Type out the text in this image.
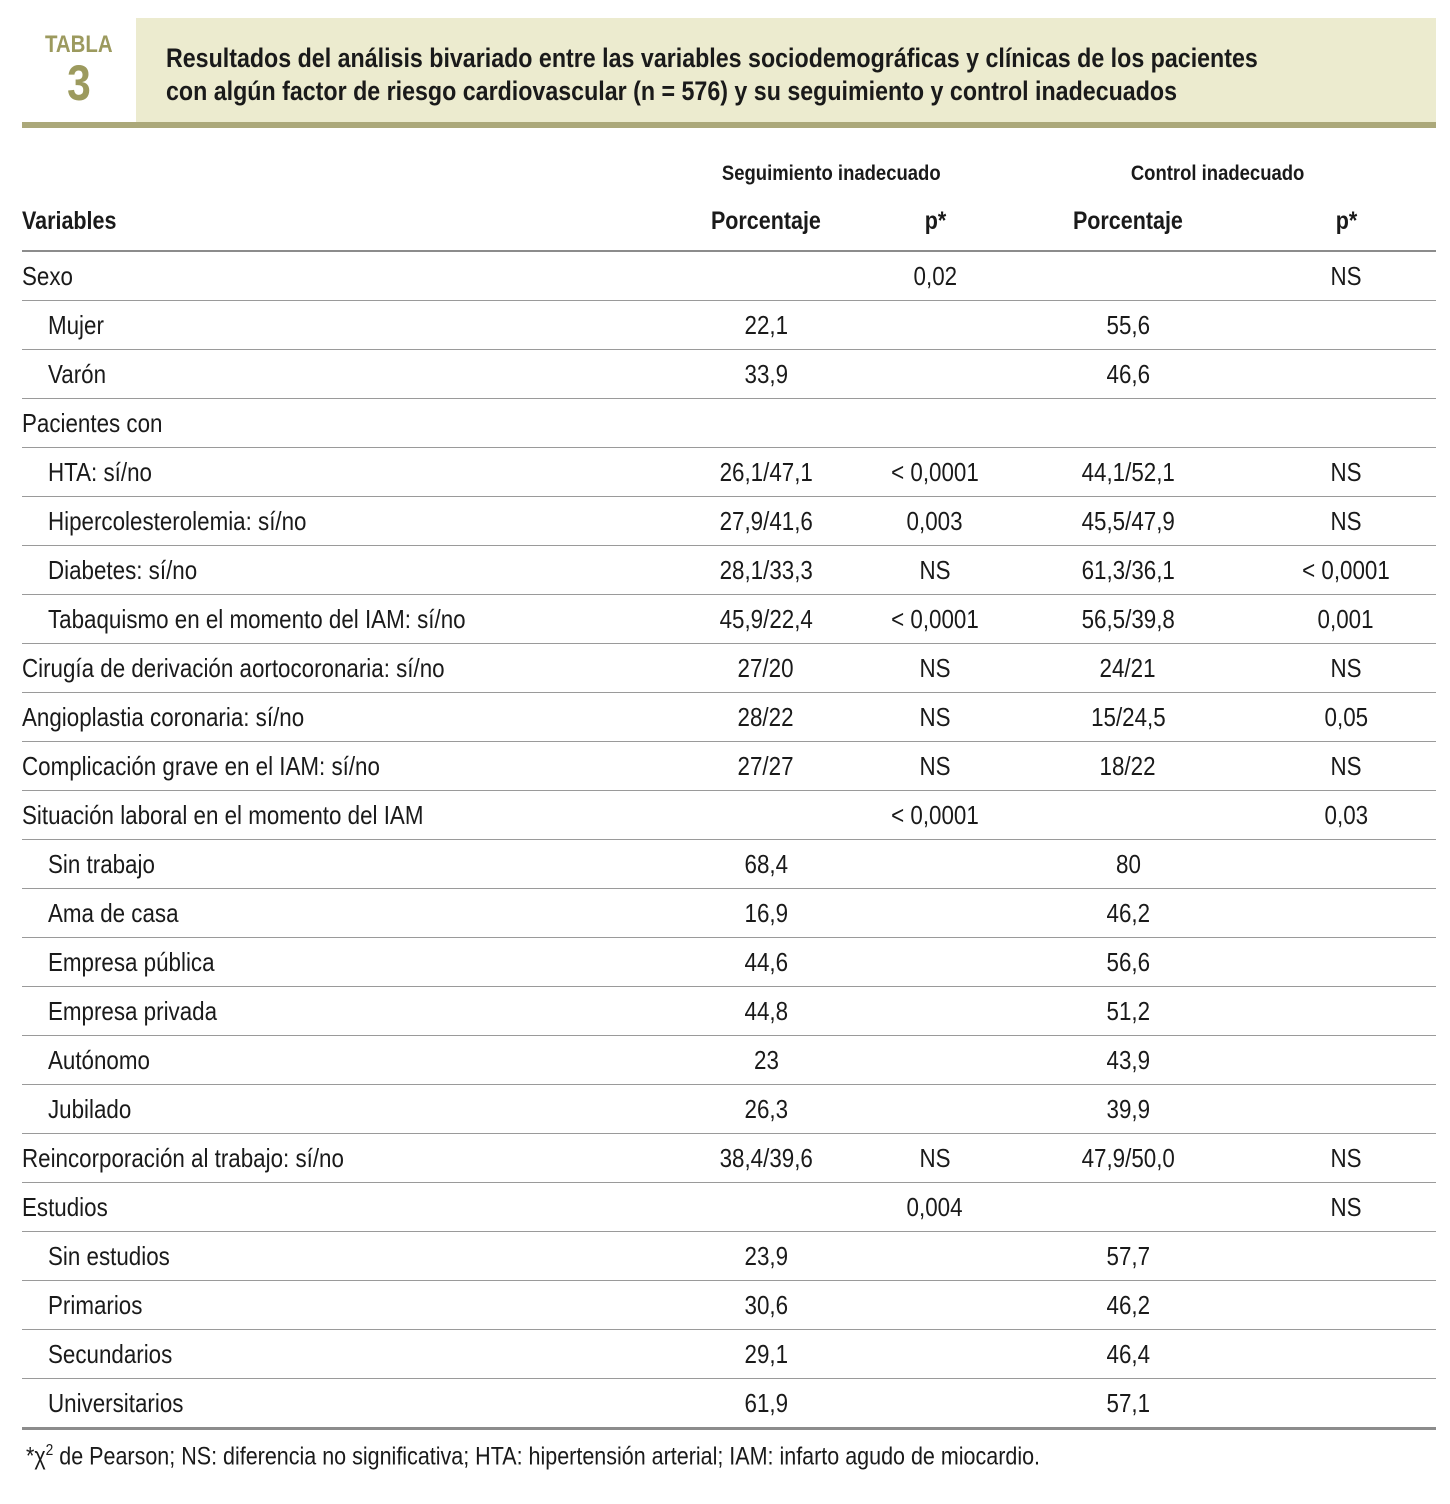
TABLA
3	Resultados del análisis bivariado entre las variables sociodemográficas y clínicas de los pacientes
con algún factor de riesgo cardiovascular (n = 576) y su seguimiento y control inadecuados
	Seguimiento inadecuado		Control inadecuado	
Variables	Porcentaje	p*	Porcentaje	p*
Sexo		0,02		NS
Mujer	22,1		55,6	
Varón	33,9		46,6	
Pacientes con				
HTA: sí/no	26,1/47,1	< 0,0001	44,1/52,1	NS
Hipercolesterolemia: sí/no	27,9/41,6	0,003	45,5/47,9	NS
Diabetes: sí/no	28,1/33,3	NS	61,3/36,1	< 0,0001
Tabaquismo en el momento del IAM: sí/no	45,9/22,4	< 0,0001	56,5/39,8	0,001
Cirugía de derivación aortocoronaria: sí/no	27/20	NS	24/21	NS
Angioplastia coronaria: sí/no	28/22	NS	15/24,5	0,05
Complicación grave en el IAM: sí/no	27/27	NS	18/22	NS
Situación laboral en el momento del IAM		< 0,0001		0,03
Sin trabajo	68,4		80	
Ama de casa	16,9		46,2	
Empresa pública	44,6		56,6	
Empresa privada	44,8		51,2	
Autónomo	23		43,9	
Jubilado	26,3		39,9	
Reincorporación al trabajo: sí/no	38,4/39,6	NS	47,9/50,0	NS
Estudios		0,004		NS
Sin estudios	23,9		57,7	
Primarios	30,6		46,2	
Secundarios	29,1		46,4	
Universitarios	61,9		57,1	
$*\chi^2$ de Pearson; NS: diferencia no significativa; HTA: hipertensión arterial; IAM: infarto agudo de miocardio.
